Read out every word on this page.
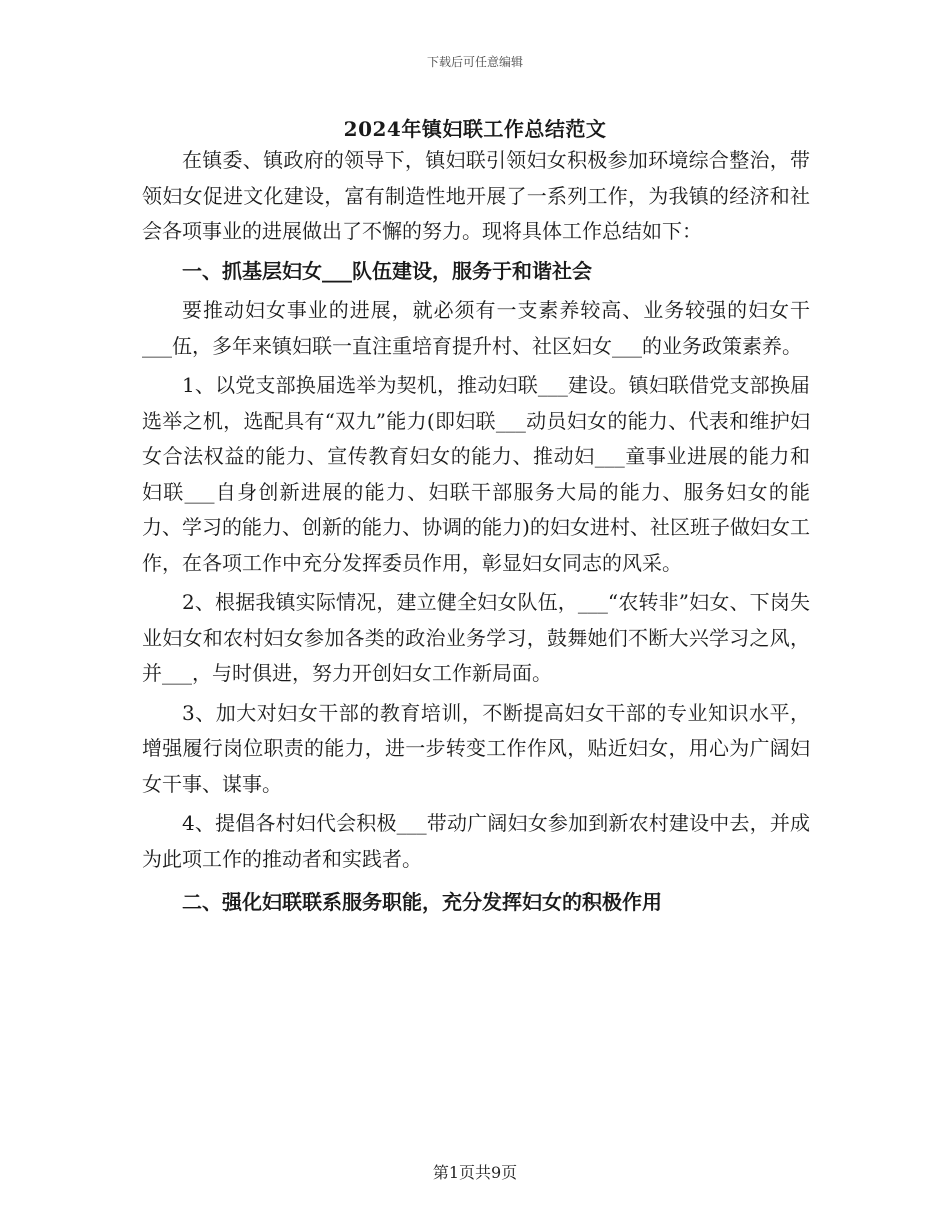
下载后可任意编辑
2024年镇妇联工作总结范文

在镇委、镇政府的领导下，镇妇联引领妇女积极参加环境综合整治，带领妇女促进文化建设，富有制造性地开展了一系列工作，为我镇的经济和社会各项事业的进展做出了不懈的努力。现将具体工作总结如下：

一、抓基层妇女___队伍建设，服务于和谐社会

要推动妇女事业的进展，就必须有一支素养较高、业务较强的妇女干___伍，多年来镇妇联一直注重培育提升村、社区妇女___的业务政策素养。

1、以党支部换届选举为契机，推动妇联___建设。镇妇联借党支部换届选举之机，选配具有“双九”能力(即妇联___动员妇女的能力、代表和维护妇女合法权益的能力、宣传教育妇女的能力、推动妇___童事业进展的能力和妇联___自身创新进展的能力、妇联干部服务大局的能力、服务妇女的能力、学习的能力、创新的能力、协调的能力)的妇女进村、社区班子做妇女工作，在各项工作中充分发挥委员作用，彰显妇女同志的风采。

2、根据我镇实际情况，建立健全妇女队伍，___“农转非”妇女、下岗失业妇女和农村妇女参加各类的政治业务学习，鼓舞她们不断大兴学习之风，并___，与时俱进，努力开创妇女工作新局面。

3、加大对妇女干部的教育培训，不断提高妇女干部的专业知识水平，增强履行岗位职责的能力，进一步转变工作作风，贴近妇女，用心为广阔妇女干事、谋事。

4、提倡各村妇代会积极___带动广阔妇女参加到新农村建设中去，并成为此项工作的推动者和实践者。

二、强化妇联联系服务职能，充分发挥妇女的积极作用

第1页共9页
